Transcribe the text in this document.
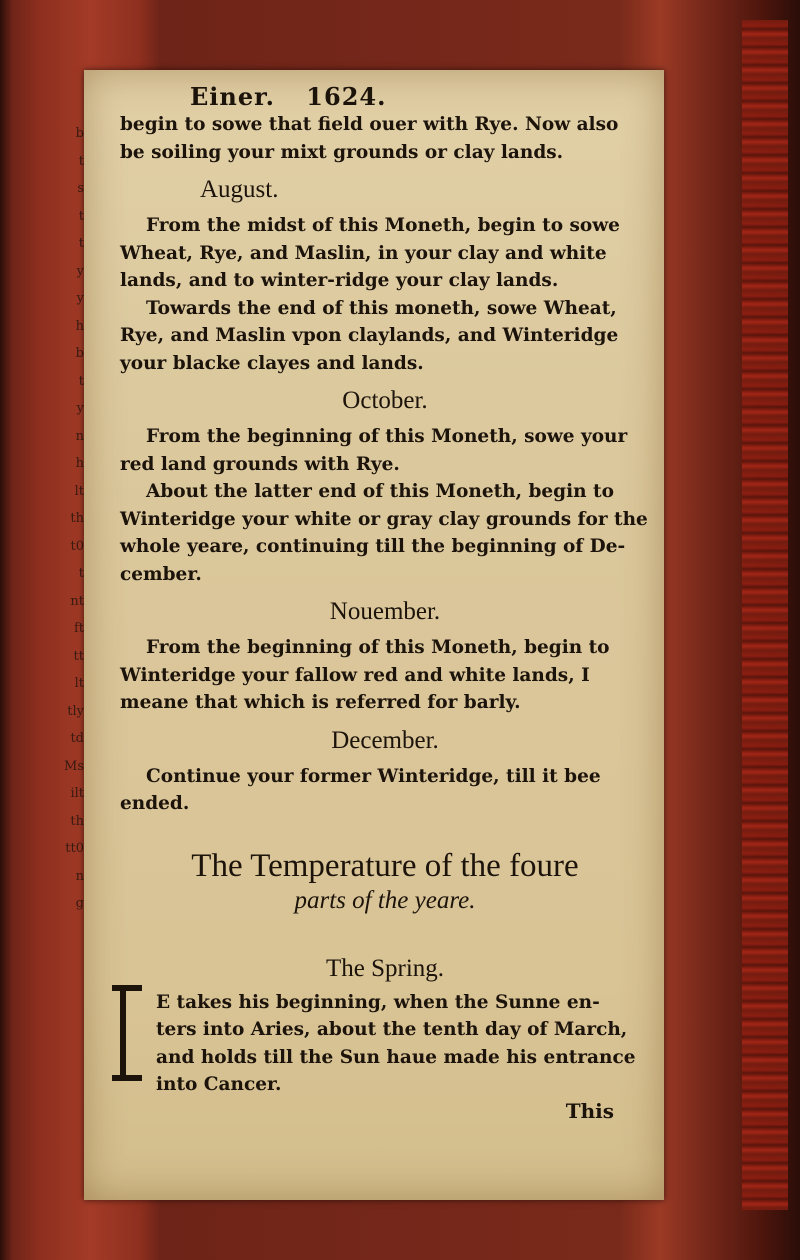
b
t
s
t
t
y
y
h
b
t
y
n
h
lt
th
t0
t
nt
ft
tt
lt
tly
td
Ms
ilt
th
tt0
n
g
Einer. 1624.

begin to sowe that field ouer with Rye. Now also

be soiling your mixt grounds or clay lands.

August.

From the midst of this Moneth, begin to sowe

Wheat, Rye, and Maslin, in your clay and white

lands, and to winter-ridge your clay lands.

Towards the end of this moneth, sowe Wheat,

Rye, and Maslin vpon claylands, and Winteridge

your blacke clayes and lands.

October.

From the beginning of this Moneth, sowe your

red land grounds with Rye.

About the latter end of this Moneth, begin to

Winteridge your white or gray clay grounds for the

whole yeare, continuing till the beginning of De-

cember.

Nouember.

From the beginning of this Moneth, begin to

Winteridge your fallow red and white lands, I

meane that which is referred for barly.

December.

Continue your former Winteridge, till it bee

ended.

The Temperature of the foure
parts of the yeare.
The Spring.

E takes his beginning, when the Sunne en-

ters into Aries, about the tenth day of March,

and holds till the Sun haue made his entrance

into Cancer.

This
